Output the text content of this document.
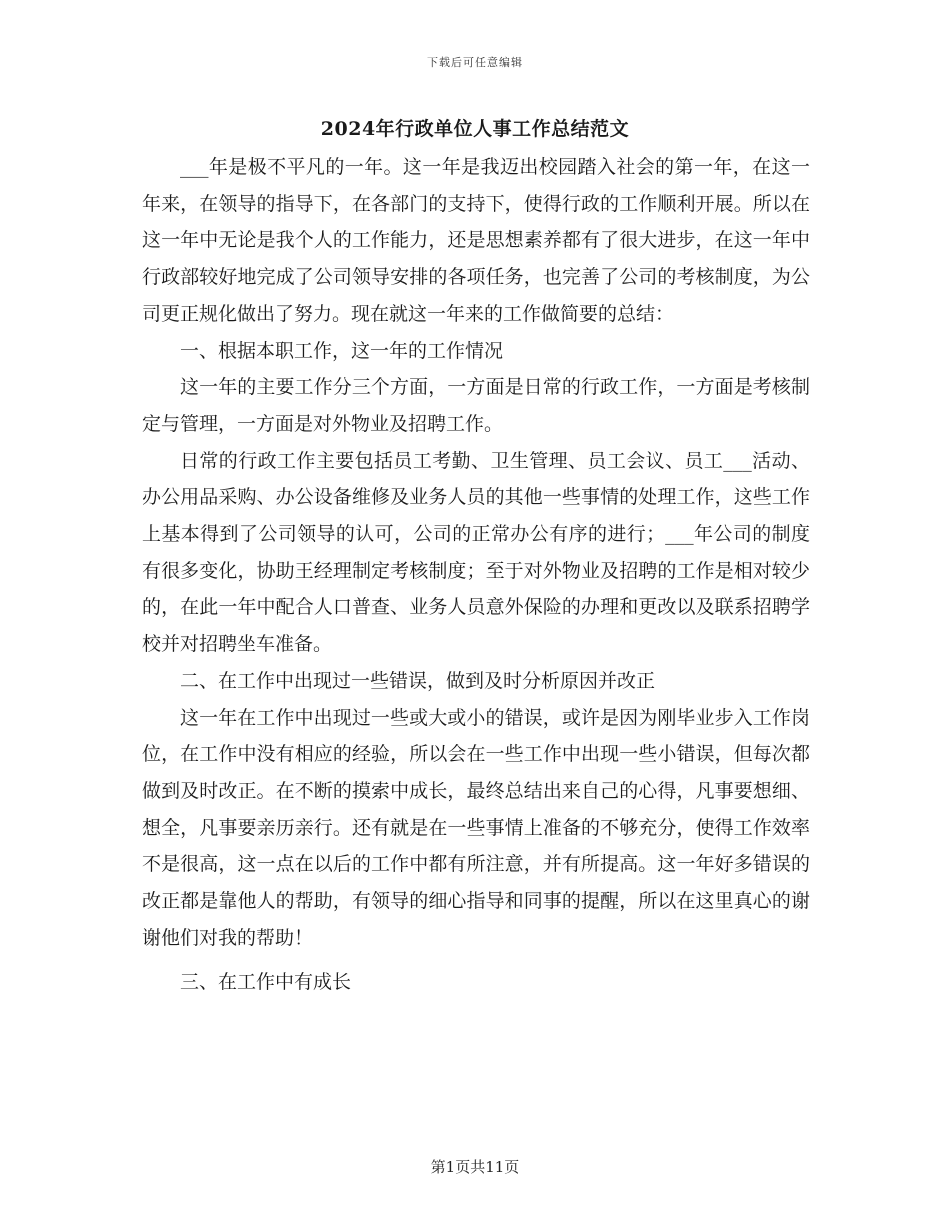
下载后可任意编辑
2024年行政单位人事工作总结范文

___年是极不平凡的一年。这一年是我迈出校园踏入社会的第一年，在这一年来，在领导的指导下，在各部门的支持下，使得行政的工作顺利开展。所以在这一年中无论是我个人的工作能力，还是思想素养都有了很大进步，在这一年中行政部较好地完成了公司领导安排的各项任务，也完善了公司的考核制度，为公司更正规化做出了努力。现在就这一年来的工作做简要的总结：

一、根据本职工作，这一年的工作情况

这一年的主要工作分三个方面，一方面是日常的行政工作，一方面是考核制定与管理，一方面是对外物业及招聘工作。

日常的行政工作主要包括员工考勤、卫生管理、员工会议、员工___活动、办公用品采购、办公设备维修及业务人员的其他一些事情的处理工作，这些工作上基本得到了公司领导的认可，公司的正常办公有序的进行；___年公司的制度有很多变化，协助王经理制定考核制度；至于对外物业及招聘的工作是相对较少的，在此一年中配合人口普查、业务人员意外保险的办理和更改以及联系招聘学校并对招聘坐车准备。

二、在工作中出现过一些错误，做到及时分析原因并改正

这一年在工作中出现过一些或大或小的错误，或许是因为刚毕业步入工作岗位，在工作中没有相应的经验，所以会在一些工作中出现一些小错误，但每次都做到及时改正。在不断的摸索中成长，最终总结出来自己的心得，凡事要想细、想全，凡事要亲历亲行。还有就是在一些事情上准备的不够充分，使得工作效率不是很高，这一点在以后的工作中都有所注意，并有所提高。这一年好多错误的改正都是靠他人的帮助，有领导的细心指导和同事的提醒，所以在这里真心的谢谢他们对我的帮助！

三、在工作中有成长

第1页共11页
